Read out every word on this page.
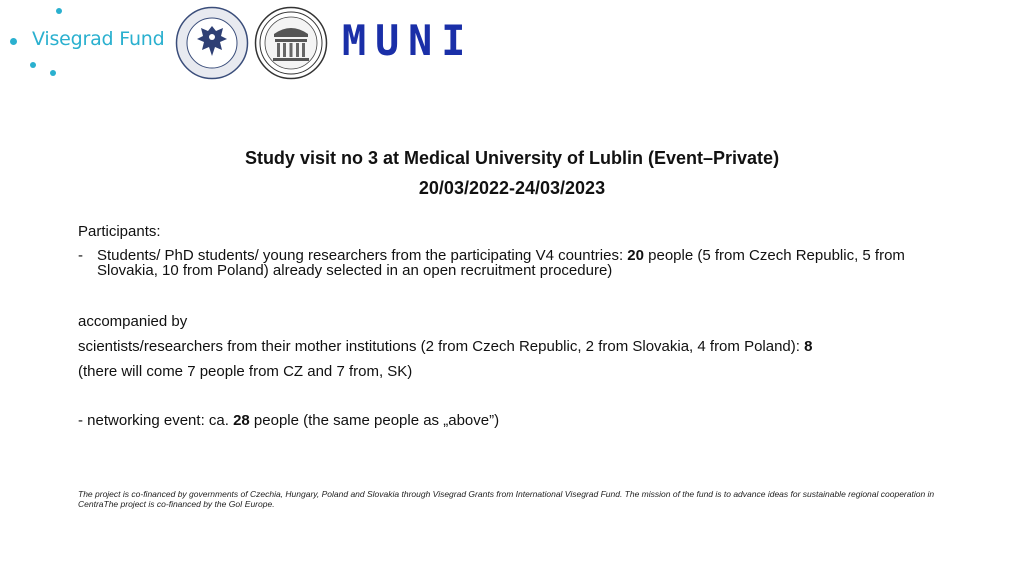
Visegrad Fund	MUNI
Study visit no 3 at Medical University of Lublin (Event–Private)
20/03/2022-24/03/2023
Participants:
- Students/ PhD students/ young researchers from the participating V4 countries: 20 people (5 from Czech Republic, 5 from Slovakia, 10 from Poland) already selected in an open recruitment procedure)
accompanied by
scientists/researchers from their mother institutions (2 from Czech Republic, 2 from Slovakia, 4 from Poland): 8
(there will come 7 people from CZ and 7 from, SK)
- networking event: ca. 28 people (the same people as „above”)
The project is co-financed by governments of Czechia, Hungary, Poland and Slovakia through Visegrad Grants from International Visegrad Fund. The mission of the fund is to advance ideas for sustainable regional cooperation in CentraThe project is co-financed by the GoI Europe.
